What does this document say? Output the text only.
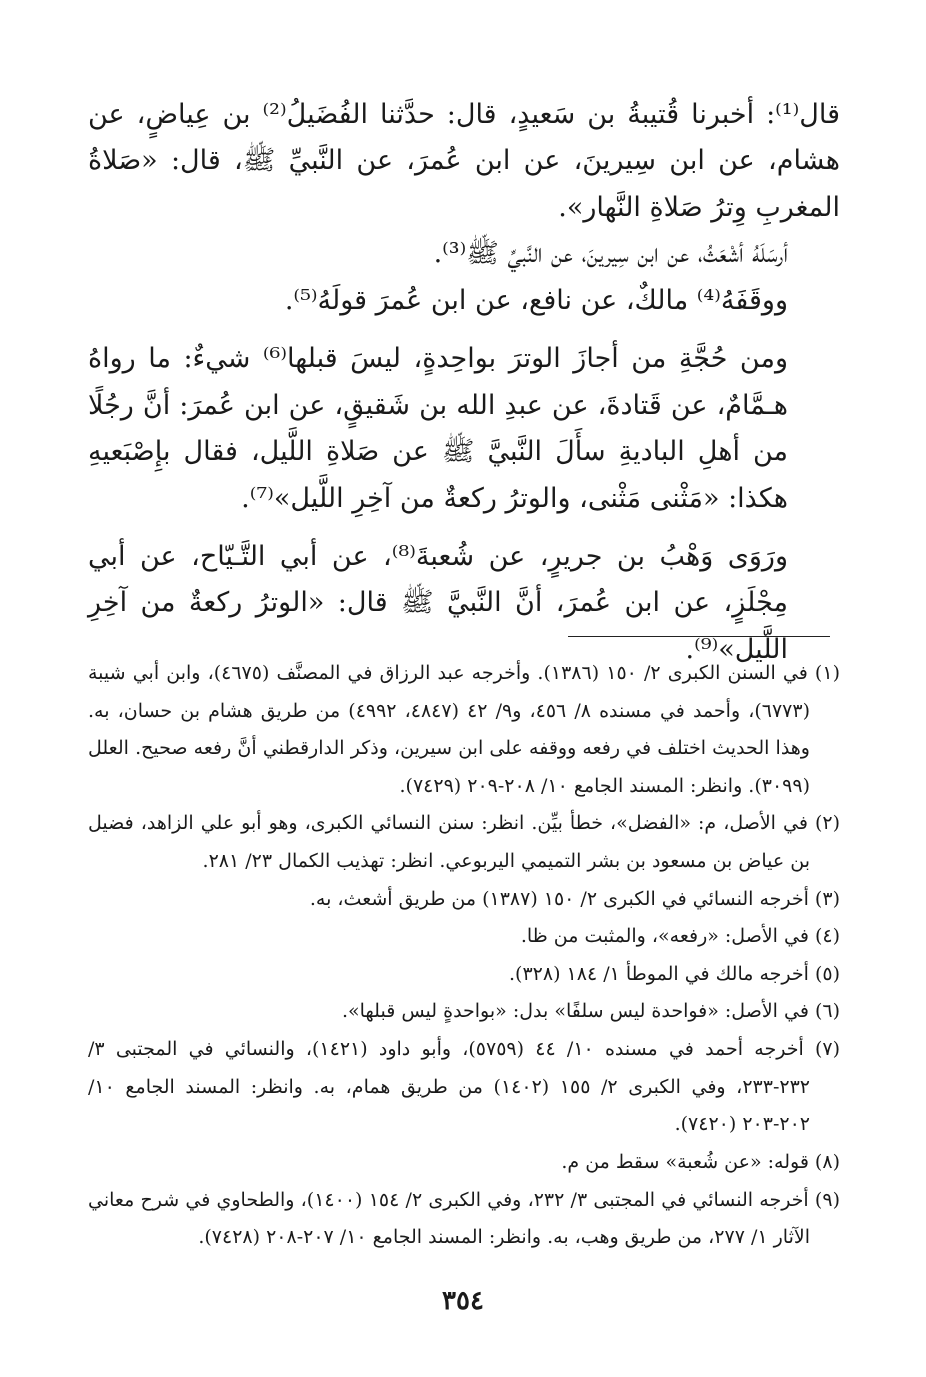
قال⁽¹⁾: أخبرنا قُتيبةُ بن سَعيدٍ، قال: حدَّثنا الفُضَيلُ⁽²⁾ بن عِياضٍ، عن هشام، عن ابن سِيرينَ، عن ابن عُمرَ، عن النَّبيِّ ﷺ، قال: «صَلاةُ المغربِ وِترُ صَلاةِ النَّهار».

أرسَلَهُ أشْعَثُ، عن ابن سِيرينَ، عن النَّبيِّ ﷺ⁽³⁾.

ووقَفَهُ⁽⁴⁾ مالكٌ، عن نافع، عن ابن عُمرَ قولَهُ⁽⁵⁾.

ومن حُجَّةِ من أجازَ الوترَ بواحِدةٍ، ليسَ قبلها⁽⁶⁾ شيءٌ: ما رواهُ هـمَّامٌ، عن قَتادةَ، عن عبدِ الله بن شَقيقٍ، عن ابن عُمرَ: أنَّ رجُلًا من أهلِ الباديةِ سأَلَ النَّبيَّ ﷺ عن صَلاةِ اللَّيل، فقال بإِصْبَعيهِ هكذا: «مَثْنى مَثْنى، والوترُ ركعةٌ من آخِرِ اللَّيل»⁽⁷⁾.

ورَوَى وَهْبُ بن جريرٍ، عن شُعبةَ⁽⁸⁾، عن أبي التَّـيّاح، عن أبي مِجْلَزٍ، عن ابن عُمرَ، أنَّ النَّبيَّ ﷺ قال: «الوترُ ركعةٌ من آخِرِ اللَّيل»⁽⁹⁾.

(١) في السنن الكبرى ٢/ ١٥٠ (١٣٨٦). وأخرجه عبد الرزاق في المصنَّف (٤٦٧٥)، وابن أبي شيبة (٦٧٧٣)، وأحمد في مسنده ٨/ ٤٥٦، و٩/ ٤٢ (٤٨٤٧، ٤٩٩٢) من طريق هشام بن حسان، به. وهذا الحديث اختلف في رفعه ووقفه على ابن سيرين، وذكر الدارقطني أنَّ رفعه صحيح. العلل (٣٠٩٩). وانظر: المسند الجامع ١٠/ ٢٠٨-٢٠٩ (٧٤٢٩).

(٢) في الأصل، م: «الفضل»، خطأ بيِّن. انظر: سنن النسائي الكبرى، وهو أبو علي الزاهد، فضيل بن عياض بن مسعود بن بشر التميمي اليربوعي. انظر: تهذيب الكمال ٢٣/ ٢٨١.

(٣) أخرجه النسائي في الكبرى ٢/ ١٥٠ (١٣٨٧) من طريق أشعث، به.

(٤) في الأصل: «رفعه»، والمثبت من ظا.

(٥) أخرجه مالك في الموطأ ١/ ١٨٤ (٣٢٨).

(٦) في الأصل: «فواحدة ليس سلفًا» بدل: «بواحدةٍ ليس قبلها».

(٧) أخرجه أحمد في مسنده ١٠/ ٤٤ (٥٧٥٩)، وأبو داود (١٤٢١)، والنسائي في المجتبى ٣/ ٢٣٢-٢٣٣، وفي الكبرى ٢/ ١٥٥ (١٤٠٢) من طريق همام، به. وانظر: المسند الجامع ١٠/ ٢٠٢-٢٠٣ (٧٤٢٠).

(٨) قوله: «عن شُعبة» سقط من م.

(٩) أخرجه النسائي في المجتبى ٣/ ٢٣٢، وفي الكبرى ٢/ ١٥٤ (١٤٠٠)، والطحاوي في شرح معاني الآثار ١/ ٢٧٧، من طريق وهب، به. وانظر: المسند الجامع ١٠/ ٢٠٧-٢٠٨ (٧٤٢٨).

٣٥٤
